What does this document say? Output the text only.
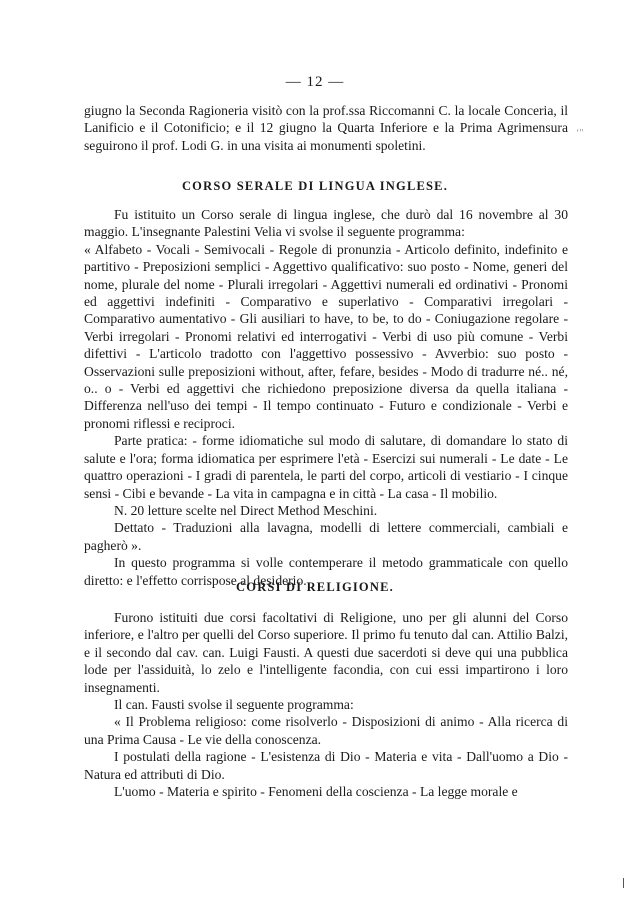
— 12 —
ʻ"

giugno la Seconda Ragioneria visitò con la prof.ssa Riccomanni C. la locale Conceria, il Lanificio e il Cotonificio; e il 12 giugno la Quarta Inferiore e la Prima Agrimensura seguirono il prof. Lodi G. in una visita ai monumenti spoletini.

CORSO SERALE DI LINGUA INGLESE.

Fu istituito un Corso serale di lingua inglese, che durò dal 16 novembre al 30 maggio. L'insegnante Palestini Velia vi svolse il seguente programma:

« Alfabeto - Vocali - Semivocali - Regole di pronunzia - Articolo definito, indefinito e partitivo - Preposizioni semplici - Aggettivo qualificativo: suo posto - Nome, generi del nome, plurale del nome - Plurali irregolari - Aggettivi numerali ed ordinativi - Pronomi ed aggettivi indefiniti - Comparativo e superlativo - Comparativi irregolari - Comparativo aumentativo - Gli ausiliari to have, to be, to do - Coniugazione regolare - Verbi irregolari - Pronomi relativi ed interrogativi - Verbi di uso più comune - Verbi difettivi - L'articolo tradotto con l'aggettivo possessivo - Avverbio: suo posto - Osservazioni sulle preposizioni without, after, fefare, besides - Modo di tradurre né.. né, o.. o - Verbi ed aggettivi che richiedono preposizione diversa da quella italiana - Differenza nell'uso dei tempi - Il tempo continuato - Futuro e condizionale - Verbi e pronomi riflessi e reciproci.

Parte pratica: - forme idiomatiche sul modo di salutare, di domandare lo stato di salute e l'ora; forma idiomatica per esprimere l'età - Esercizi sui numerali - Le date - Le quattro operazioni - I gradi di parentela, le parti del corpo, articoli di vestiario - I cinque sensi - Cibi e bevande - La vita in campagna e in città - La casa - Il mobilio.

N. 20 letture scelte nel Direct Method Meschini.

Dettato - Traduzioni alla lavagna, modelli di lettere commerciali, cambiali e pagherò ».

In questo programma si volle contemperare il metodo grammaticale con quello diretto: e l'effetto corrispose al desiderio.

CORSI DI RELIGIONE.

Furono istituiti due corsi facoltativi di Religione, uno per gli alunni del Corso inferiore, e l'altro per quelli del Corso superiore. Il primo fu tenuto dal can. Attilio Balzi, e il secondo dal cav. can. Luigi Fausti. A questi due sacerdoti si deve qui una pubblica lode per l'assiduità, lo zelo e l'intelligente facondia, con cui essi impartirono i loro insegnamenti.

Il can. Fausti svolse il seguente programma:

« Il Problema religioso: come risolverlo - Disposizioni di animo - Alla ricerca di una Prima Causa - Le vie della conoscenza.

I postulati della ragione - L'esistenza di Dio - Materia e vita - Dall'uomo a Dio - Natura ed attributi di Dio.

L'uomo - Materia e spirito - Fenomeni della coscienza - La legge morale e
